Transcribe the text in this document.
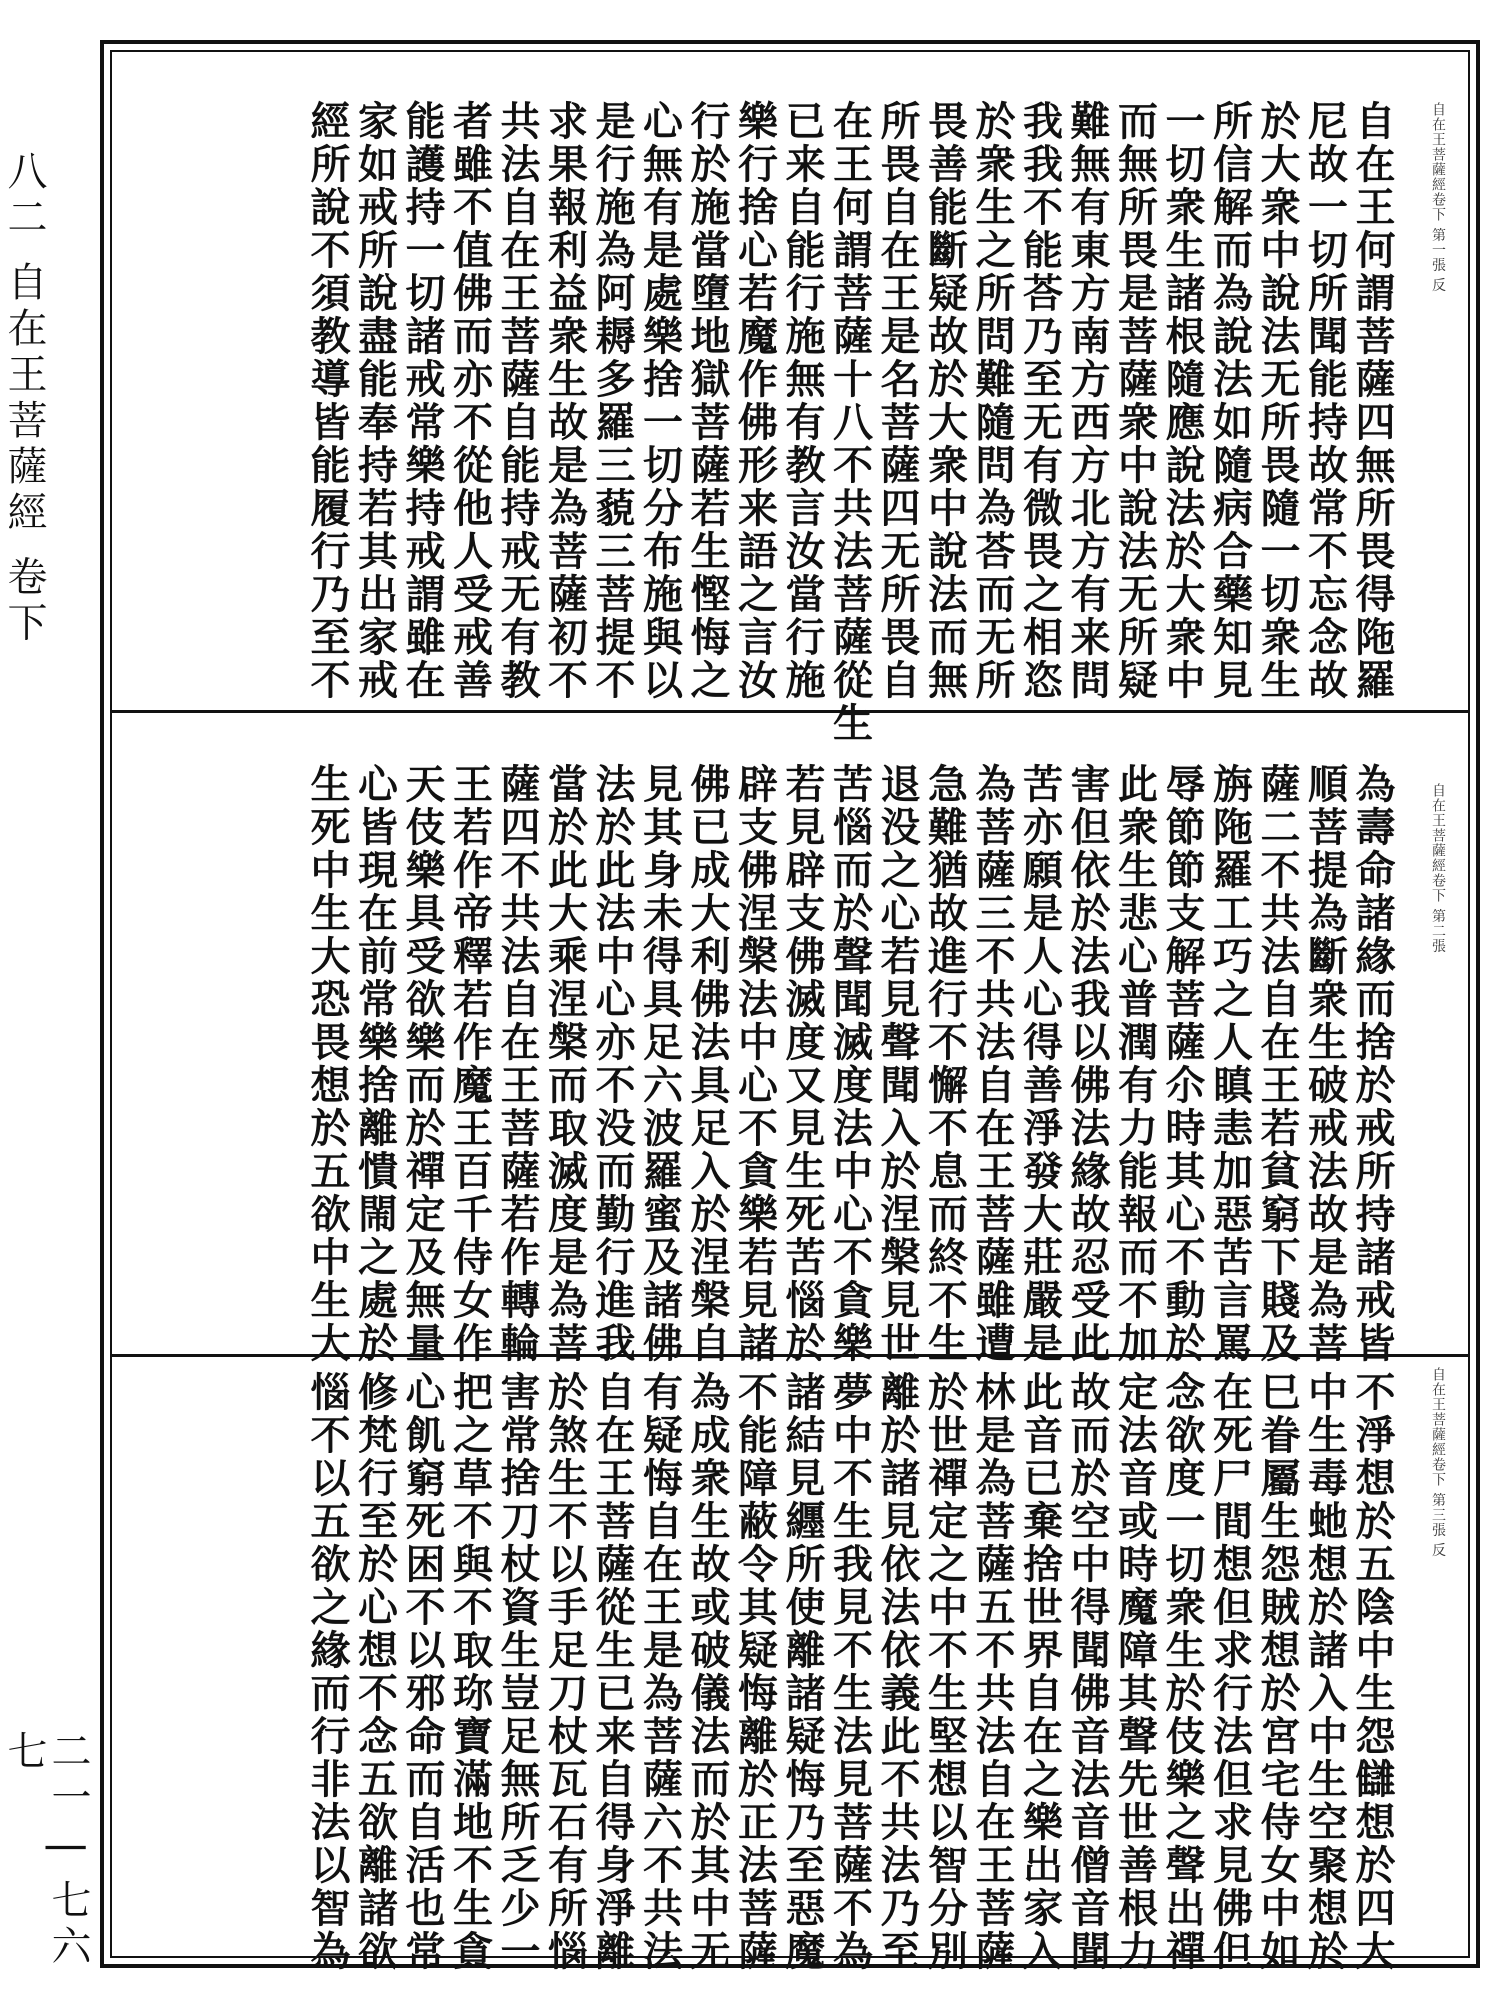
八二 自在王菩薩經 卷下
二一 | 七六七
自在王菩薩經卷下 第一張 反
自在王何謂菩薩四無所畏得陁羅
尼故一切所聞能持故常不忘念故
於大衆中說法无所畏隨一切衆生
所信解而為說法如隨病合藥知見
一切衆生諸根隨應說法於大衆中
而無所畏是菩薩衆中說法无所疑
難無有東方南方西方北方有来問
我我不能荅乃至无有微畏之相恣
於衆生之所問難隨問為荅而无所
畏善能斷疑故於大衆中說法而無
所畏自在王是名菩薩四无所畏自
在王何謂菩薩十八不共法菩薩從生
已来自能行施無有教言汝當行施
樂行捨心若魔作佛形来語之言汝
行於施當墮地獄菩薩若生慳悔之
心無有是處樂捨一切分布施與以
是行施為阿耨多羅三藐三菩提不
求果報利益衆生故是為菩薩初不
共法自在王菩薩自能持戒无有教
者雖不值佛而亦不從他人受戒善
能護持一切諸戒常樂持戒謂雖在
家如戒所說盡能奉持若其出家戒
經所說不須教導皆能履行乃至不
自在王菩薩經卷下 第二張
為壽命諸緣而捨於戒所持諸戒皆
順菩提為斷衆生破戒法故是為菩
薩二不共法自在王若貧窮下賤及
旃陁羅工巧之人瞋恚加惡苦言罵
辱節節支解菩薩尒時其心不動於
此衆生悲心普潤有力能報而不加
害但依於法我以佛法緣故忍受此
苦亦願是人心得善淨發大莊嚴是
為菩薩三不共法自在王菩薩雖遭
急難猶故進行不懈不息而終不生
退没之心若見聲聞入於涅槃見世
苦惱而於聲聞滅度法中心不貪樂
若見辟支佛滅度又見生死苦惱於
辟支佛涅槃法中心不貪樂若見諸
佛已成大利佛法具足入於涅槃自
見其身未得具足六波羅蜜及諸佛
法於此法中心亦不没而勤行進我
當於此大乘涅槃而取滅度是為菩
薩四不共法自在王菩薩若作轉輪
王若作帝釋若作魔王百千侍女作
天伎樂具受欲樂而於禪定及無量
心皆現在前常樂捨離憒閙之處於
生死中生大恐畏想於五欲中生大
自在王菩薩經卷下 第三張 反
不淨想於五陰中生怨讎想於四大
中生毒虵想於諸入中生空聚想於
巳眷屬生怨賊想於宮宅侍女中如
在死尸間想但求行法但求見佛但
念欲度一切衆生於伎樂之聲出禪
定法音或時魔障其聲先世善根力
故而於空中得聞佛音法音僧音聞
此音已棄捨世界自在之樂出家入
林是為菩薩五不共法自在王菩薩
於世禪定之中不生堅想以智分別
離於諸見依法依義此不共法乃至
夢中不生我見不生法見菩薩不為
諸結見纒所使離諸疑悔乃至惡魔
不能障蔽令其疑悔離於正法菩薩
為成衆生故或破儀法而於其中无
有疑悔自在王是為菩薩六不共法
自在王菩薩從生已来自得身淨離
於煞生不以手足刀杖瓦石有所惱
害常捨刀杖資生豈足無所乏少一
把之草不與不取珎寶滿地不生貪
心飢窮死困不以邪命而自活也常
修梵行至於心想不念五欲離諸欲
惱不以五欲之緣而行非法以智為
